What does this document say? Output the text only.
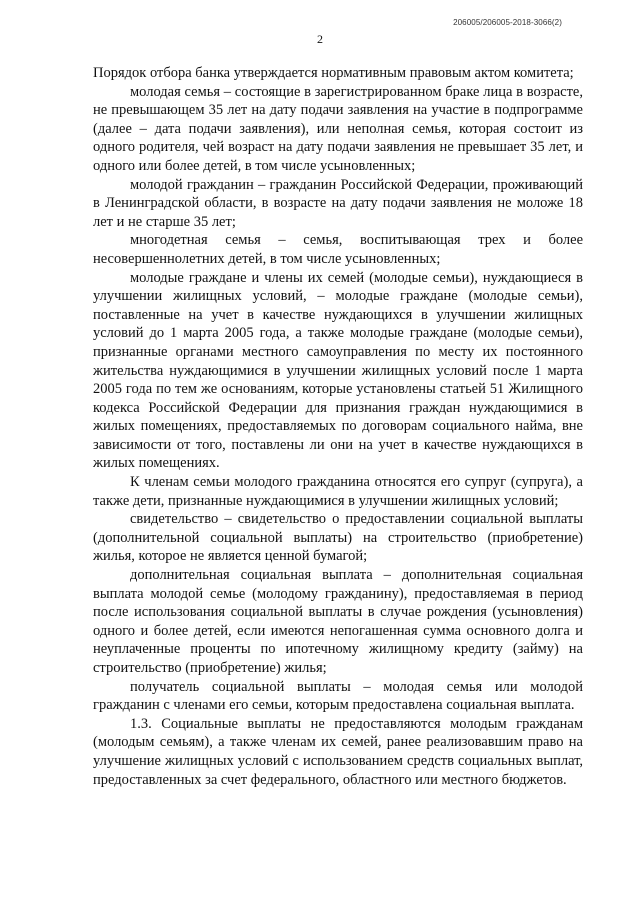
206005/206005-2018-3066(2)
2

Порядок отбора банка утверждается нормативным правовым актом комитета;

молодая семья – состоящие в зарегистрированном браке лица в возрасте, не превышающем 35 лет на дату подачи заявления на участие в подпрограмме (далее – дата подачи заявления), или неполная семья, которая состоит из одного родителя, чей возраст на дату подачи заявления не превышает 35 лет, и одного или более детей, в том числе усыновленных;

молодой гражданин – гражданин Российской Федерации, проживающий в Ленинградской области, в возрасте на дату подачи заявления не моложе 18 лет и не старше 35 лет;

многодетная семья – семья, воспитывающая трех и более несовершеннолетних детей, в том числе усыновленных;

молодые граждане и члены их семей (молодые семьи), нуждающиеся в улучшении жилищных условий, – молодые граждане (молодые семьи), поставленные на учет в качестве нуждающихся в улучшении жилищных условий до 1 марта 2005 года, а также молодые граждане (молодые семьи), признанные органами местного самоуправления по месту их постоянного жительства нуждающимися в улучшении жилищных условий после 1 марта 2005 года по тем же основаниям, которые установлены статьей 51 Жилищного кодекса Российской Федерации для признания граждан нуждающимися в жилых помещениях, предоставляемых по договорам социального найма, вне зависимости от того, поставлены ли они на учет в качестве нуждающихся в жилых помещениях.

К членам семьи молодого гражданина относятся его супруг (супруга), а также дети, признанные нуждающимися в улучшении жилищных условий;

свидетельство – свидетельство о предоставлении социальной выплаты (дополнительной социальной выплаты) на строительство (приобретение) жилья, которое не является ценной бумагой;

дополнительная социальная выплата – дополнительная социальная выплата молодой семье (молодому гражданину), предоставляемая в период после использования социальной выплаты в случае рождения (усыновления) одного и более детей, если имеются непогашенная сумма основного долга и неуплаченные проценты по ипотечному жилищному кредиту (займу) на строительство (приобретение) жилья;

получатель социальной выплаты – молодая семья или молодой гражданин с членами его семьи, которым предоставлена социальная выплата.

1.3. Социальные выплаты не предоставляются молодым гражданам (молодым семьям), а также членам их семей, ранее реализовавшим право на улучшение жилищных условий с использованием средств социальных выплат, предоставленных за счет федерального, областного или местного бюджетов.
